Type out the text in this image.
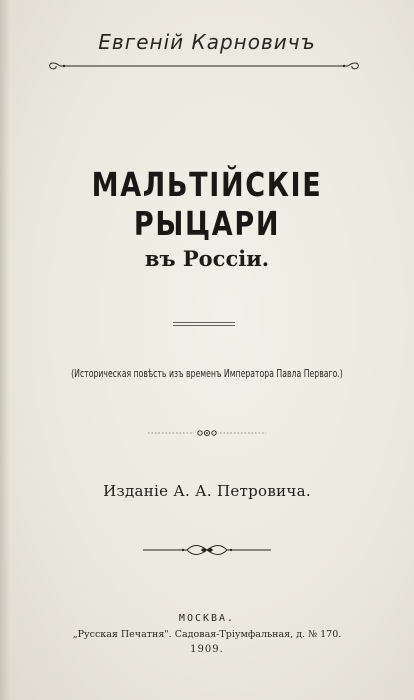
Евгеній Карновичъ
МАЛЬТІЙСКІЕ РЫЦАРИ
въ Россіи.
(Историческая повѣсть изъ временъ Императора Павла Перваго.)
Изданіе А. А. Петровича.
МОСКВА.
„Русская Печатня". Садовая-Тріумфальная, д. № 170.
1909.
